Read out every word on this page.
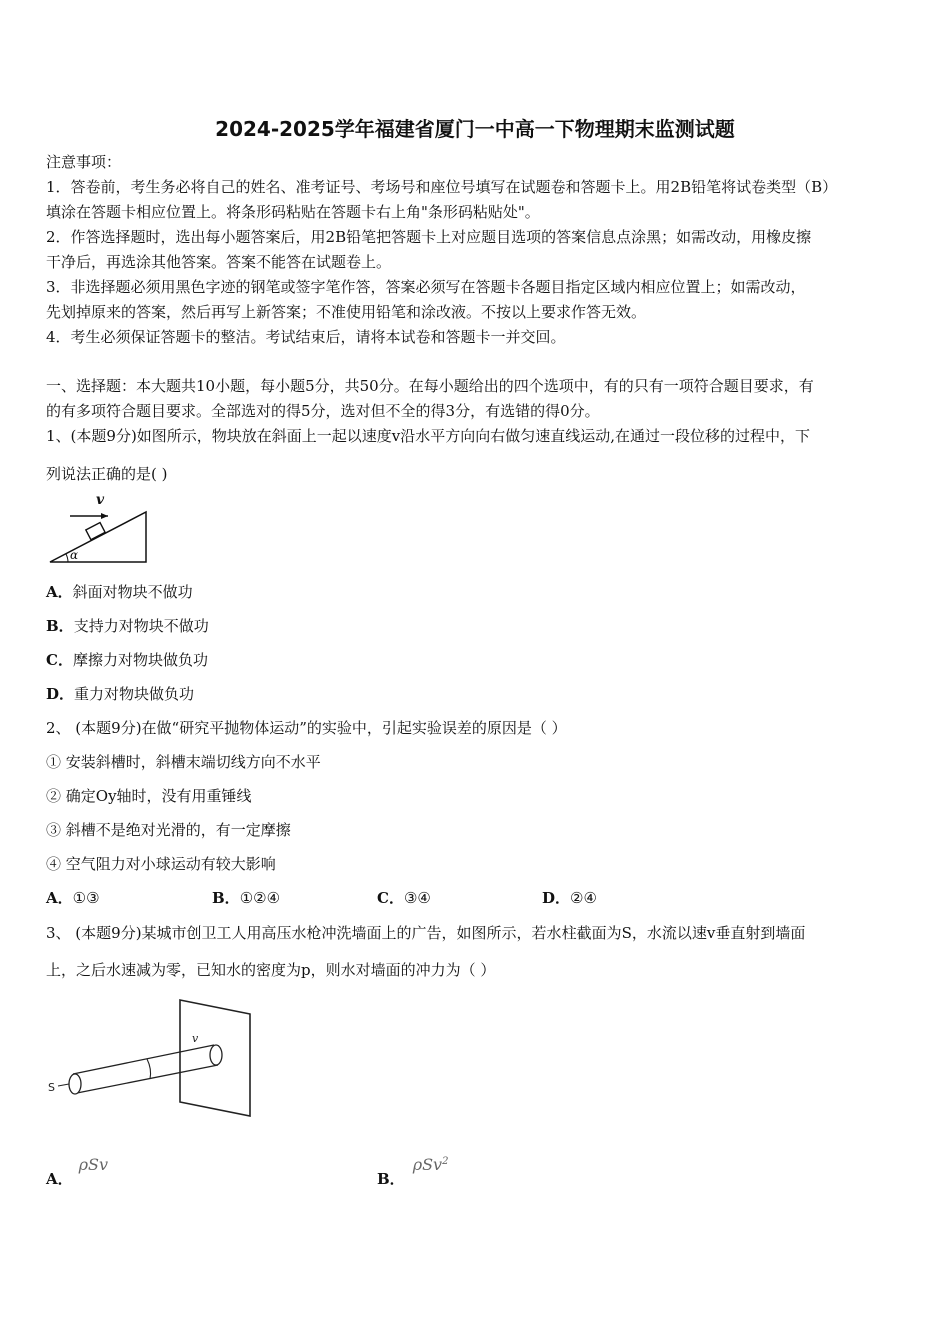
2024-2025学年福建省厦门一中高一下物理期末监测试题
注意事项：
1．答卷前，考生务必将自己的姓名、准考证号、考场号和座位号填写在试题卷和答题卡上。用2B铅笔将试卷类型（B）
填涂在答题卡相应位置上。将条形码粘贴在答题卡右上角"条形码粘贴处"。
2．作答选择题时，选出每小题答案后，用2B铅笔把答题卡上对应题目选项的答案信息点涂黑；如需改动，用橡皮擦
干净后，再选涂其他答案。答案不能答在试题卷上。
3．非选择题必须用黑色字迹的钢笔或签字笔作答，答案必须写在答题卡各题目指定区域内相应位置上；如需改动，
先划掉原来的答案，然后再写上新答案；不准使用铅笔和涂改液。不按以上要求作答无效。
4．考生必须保证答题卡的整洁。考试结束后，请将本试卷和答题卡一并交回。
一、选择题：本大题共10小题，每小题5分，共50分。在每小题给出的四个选项中，有的只有一项符合题目要求，有
的有多项符合题目要求。全部选对的得5分，选对但不全的得3分，有选错的得0分。
1、(本题9分)如图所示，物块放在斜面上一起以速度v沿水平方向向右做匀速直线运动,在通过一段位移的过程中，下
列说法正确的是( )
v
α
A．斜面对物块不做功
B．支持力对物块不做功
C．摩擦力对物块做负功
D．重力对物块做负功
2、 (本题9分)在做“研究平抛物体运动”的实验中，引起实验误差的原因是（ ）
① 安装斜槽时，斜槽末端切线方向不水平
② 确定Oy轴时，没有用重锤线
③ 斜槽不是绝对光滑的，有一定摩擦
④ 空气阻力对小球运动有较大影响
A．①③	B．①②④	C．③④	D．②④
3、 (本题9分)某城市创卫工人用高压水枪冲洗墙面上的广告，如图所示，若水柱截面为S，水流以速v垂直射到墙面
上，之后水速减为零，已知水的密度为p，则水对墙面的冲力为（ ）
S
v
A．ρSv
B．ρSv$^2$
